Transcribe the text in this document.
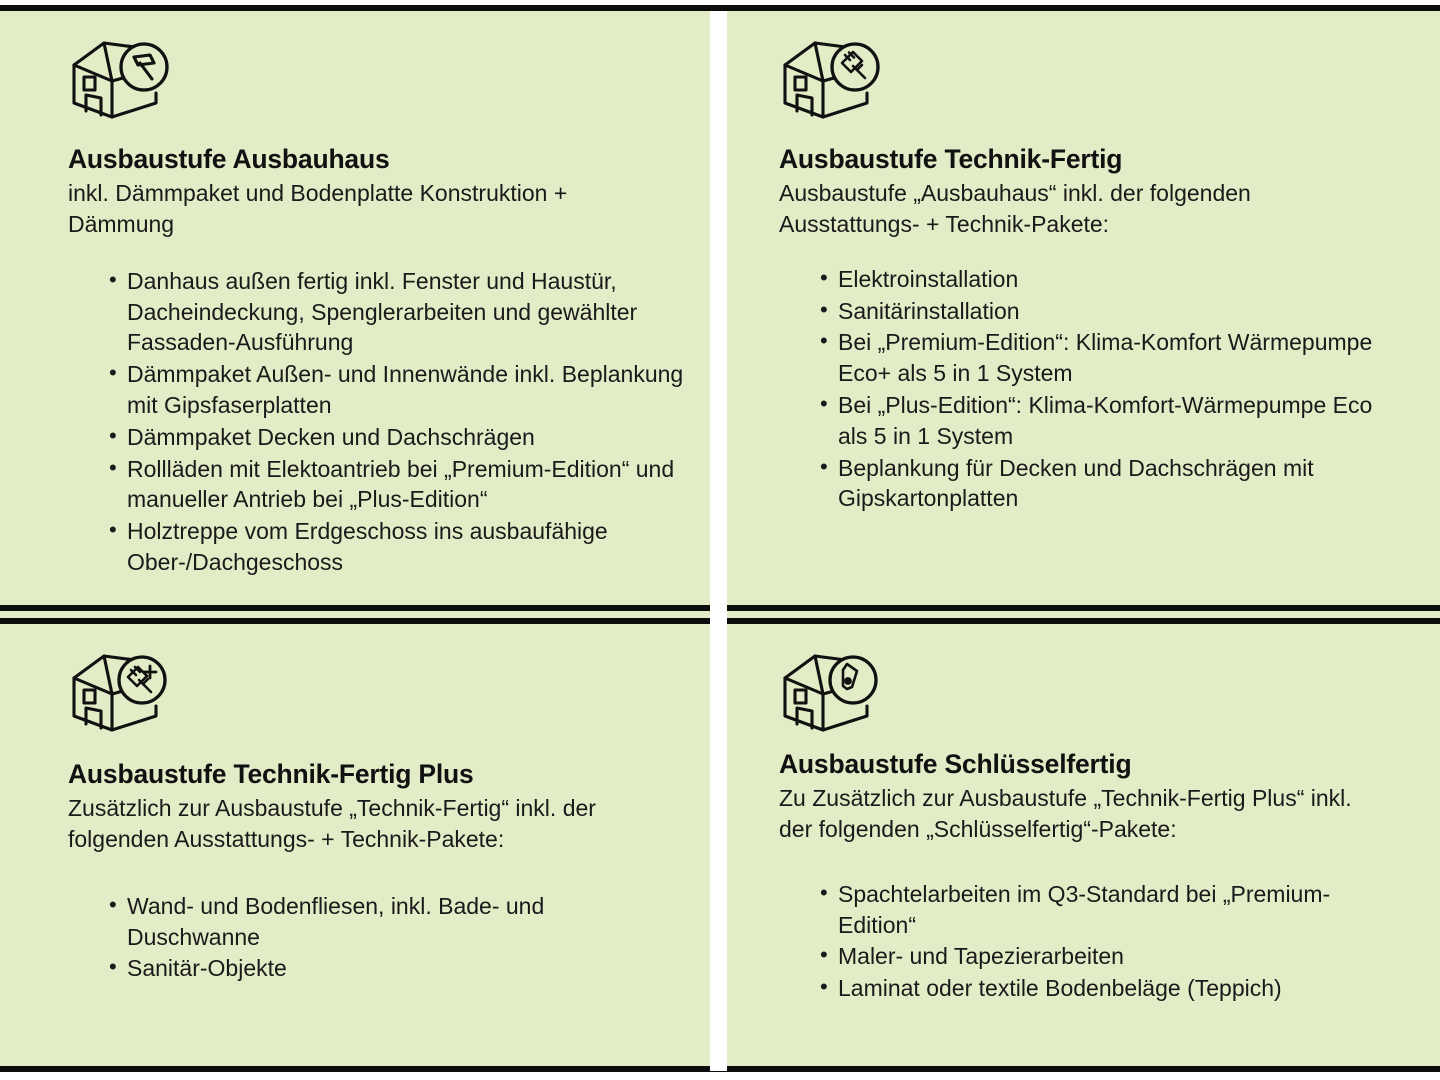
Ausbaustufe Ausbauhaus

inkl. Dämmpaket und Bodenplatte Konstruktion + Dämmung

• Danhaus außen fertig inkl. Fenster und Haustür, Dacheindeckung, Spenglerarbeiten und gewählter Fassaden-Ausführung
• Dämmpaket Außen- und Innenwände inkl. Beplankung mit Gipsfaserplatten
• Dämmpaket Decken und Dachschrägen
• Rollläden mit Elektoantrieb bei „Premium-Edition“ und manueller Antrieb bei „Plus-Edition“
• Holztreppe vom Erdgeschoss ins ausbaufähige Ober-/Dachgeschoss
Ausbaustufe Technik-Fertig

Ausbaustufe „Ausbauhaus“ inkl. der folgenden Ausstattungs- + Technik-Pakete:

• Elektroinstallation
• Sanitärinstallation
• Bei „Premium-Edition“: Klima-Komfort Wärmepumpe Eco+ als 5 in 1 System
• Bei „Plus-Edition“: Klima-Komfort-Wärmepumpe Eco als 5 in 1 System
• Beplankung für Decken und Dachschrägen mit Gipskartonplatten
Ausbaustufe Technik-Fertig Plus

Zusätzlich zur Ausbaustufe „Technik-Fertig“ inkl. der folgenden Ausstattungs- + Technik-Pakete:

• Wand- und Bodenfliesen, inkl. Bade- und Duschwanne
• Sanitär-Objekte
Ausbaustufe Schlüsselfertig

Zu Zusätzlich zur Ausbaustufe „Technik-Fertig Plus“ inkl. der folgenden „Schlüsselfertig“-Pakete:

• Spachtelarbeiten im Q3-Standard bei „Premium-Edition“
• Maler- und Tapezierarbeiten
• Laminat oder textile Bodenbeläge (Teppich)
